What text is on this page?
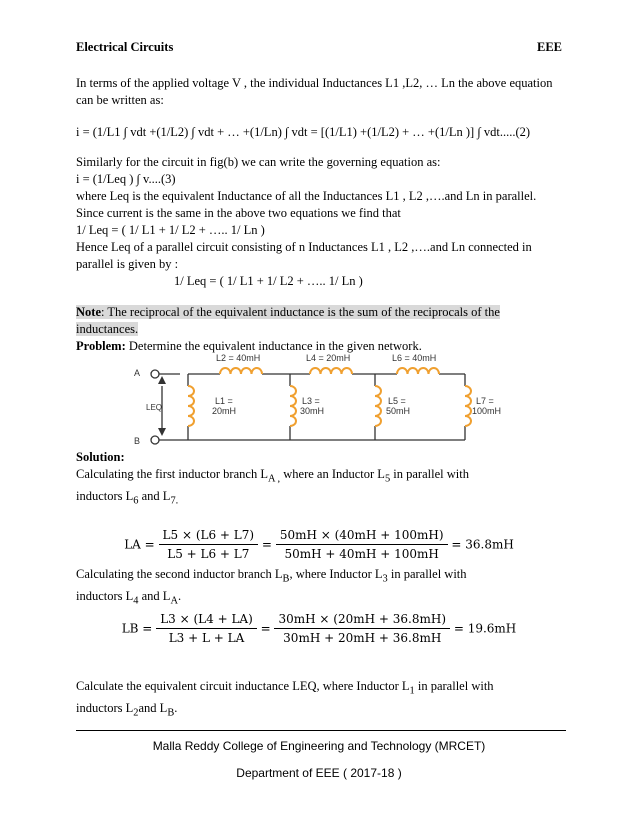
Electrical Circuits	EEE
In terms of the applied voltage V , the individual Inductances L1 ,L2, … Ln the above equation
can be written as:
i = (1/L1 ∫ vdt +(1/L2) ∫ vdt + … +(1/Ln) ∫ vdt = [(1/L1) +(1/L2) + … +(1/Ln )] ∫ vdt.....(2)
Similarly for the circuit in fig(b) we can write the governing equation as:
i = (1/Leq ) ∫ v....(3)
where Leq is the equivalent Inductance of all the Inductances L1 , L2 ,….and Ln in parallel.
Since current is the same in the above two equations we find that
1/ Leq = ( 1/ L1 + 1/ L2 + ….. 1/ Ln )
Hence Leq of a parallel circuit consisting of n Inductances L1 , L2 ,….and Ln connected in
parallel is given by :
1/ Leq = ( 1/ L1 + 1/ L2 + ….. 1/ Ln )
Note: The reciprocal of the equivalent inductance is the sum of the reciprocals of the
inductances.
Problem: Determine the equivalent inductance in the given network.
A
B
LEQ
L2 = 40mH	L4 = 20mH	L6 = 40mH
L1 =
20mH
L3 =
30mH
L5 =
50mH
L7 =
100mH
Solution:
Calculating the first inductor branch $L_{A ,}$ where an Inductor $L_5$ in parallel with
inductors $L_6$ and $L_{7.}$
LA = $\frac{L5 \times (L6 + L7)}{L5 + L6 + L7} = \frac{50mH \times (40mH + 100mH)}{50mH + 40mH + 100mH} = 36.8mH$
Calculating the second inductor branch $L_B$, where Inductor $L_3$ in parallel with
inductors $L_4$ and $L_A$.
LB = $\frac{L3 \times (L4 + LA)}{L3 + L + LA} = \frac{30mH \times (20mH + 36.8mH)}{30mH + 20mH + 36.8mH} = 19.6mH$
Calculate the equivalent circuit inductance LEQ, where Inductor $L_1$ in parallel with
inductors $L_2and$ $L_B$.
Malla Reddy College of Engineering and Technology (MRCET)
Department of EEE ( 2017-18 )
